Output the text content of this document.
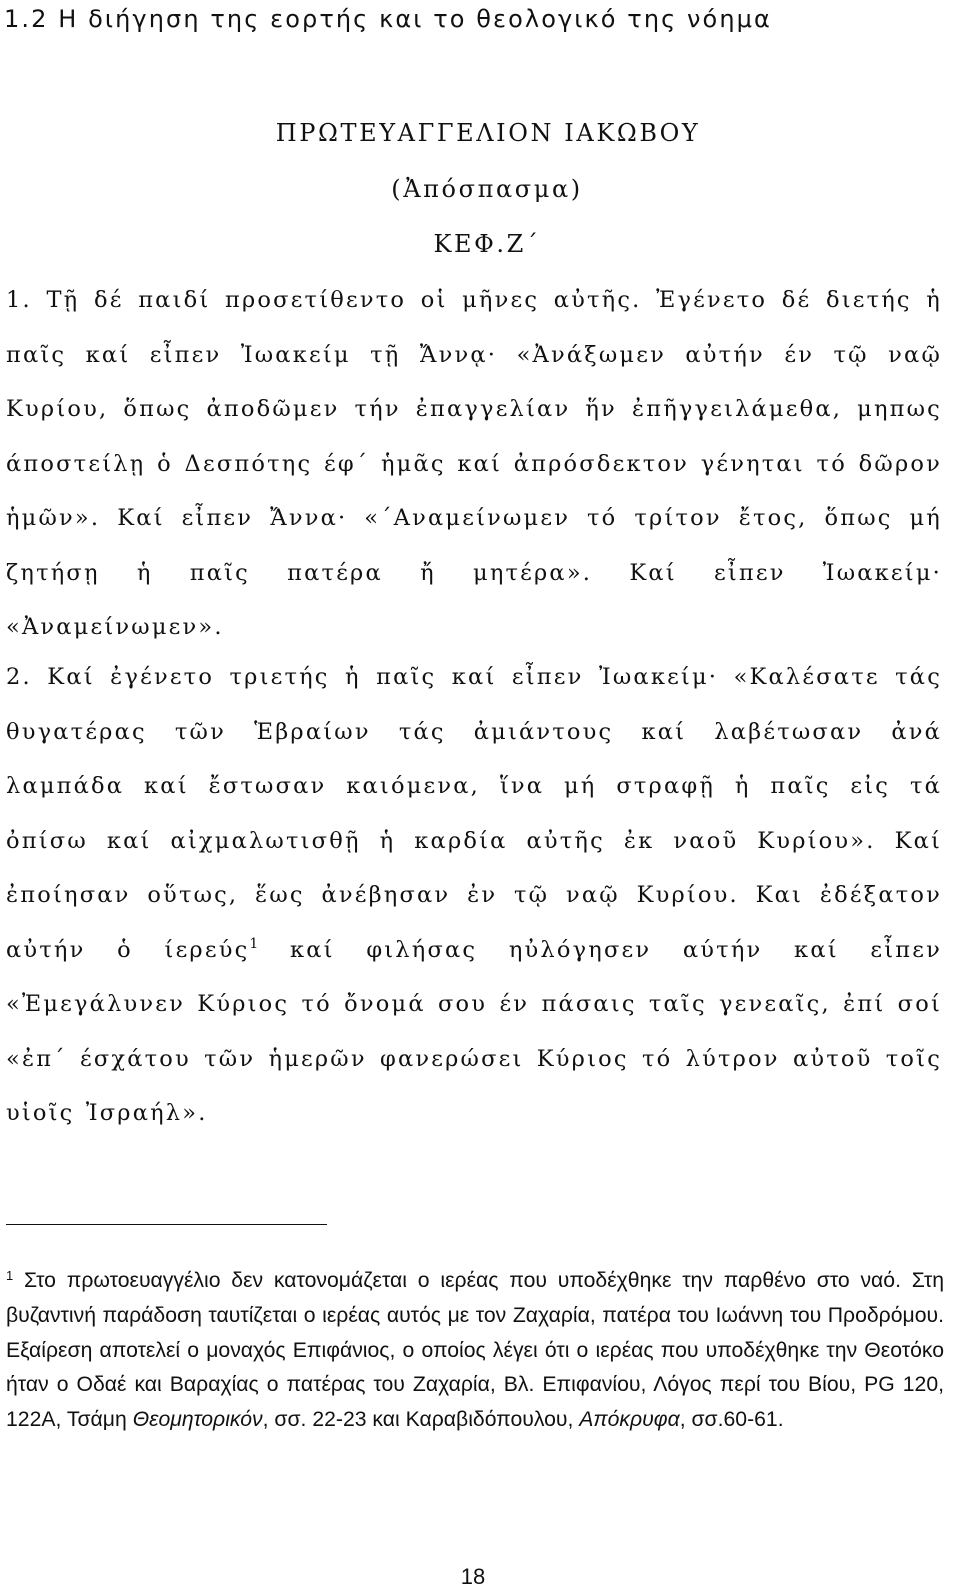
1.2 Η διήγηση της εορτής και το θεολογικό της νόημα

ΠΡΩΤΕΥΑΓΓΕΛΙΟΝ ΙΑΚΩΒΟΥ

(Ἀπόσπασμα)

ΚΕΦ.Ζ΄

1. Τῇ δέ παιδί προσετίθεντο οἱ μῆνες αὐτῆς. Ἐγένετο δέ διετής ἡ παῖς καί εἶπεν Ἰωακείμ τῇ Ἄννᾳ· «Ἀνάξωμεν αὐτήν έν τῷ ναῷ Κυρίου, ὅπως ἀποδῶμεν τήν ἐπαγγελίαν ἥν ἐπῆγγειλάμεθα, μηπως άποστείλῃ ὁ Δεσπότης έφ΄ ἡμᾶς καί ἀπρόσδεκτον γένηται τό δῶρον ἡμῶν». Καί εἶπεν Ἄννα· «΄Αναμείνωμεν τό τρίτον ἔτος, ὅπως μή ζητήσῃ ἡ παῖς πατέρα ἤ μητέρα». Καί εἶπεν Ἰωακείμ· «Ἀναμείνωμεν».

2. Καί ἐγένετο τριετής ἡ παῖς καί εἶπεν Ἰωακείμ· «Καλέσατε τάς θυγατέρας τῶν Ἑβραίων τάς ἀμιάντους καί λαβέτωσαν ἀνά λαμπάδα καί ἔστωσαν καιόμενα, ἵνα μή στραφῇ ἡ παῖς εἰς τά ὀπίσω καί αἰχμαλωτισθῇ ἡ καρδία αὐτῆς ἐκ ναοῦ Κυρίου». Καί ἐποίησαν οὕτως, ἕως ἀνέβησαν ἐν τῷ ναῷ Κυρίου. Και ἐδέξατον αὐτήν ὁ ίερεύς$^1$ καί φιλήσας ηὐλόγησεν αύτήν καί εἶπεν «Ἐμεγάλυνεν Κύριος τό ὄνομά σου έν πάσαις ταῖς γενεαῖς, ἐπί σοί «ἐπ΄ έσχάτου τῶν ἡμερῶν φανερώσει Κύριος τό λύτρον αὐτοῦ τοῖς υἱοῖς Ἰσραήλ».

$^1$ Στο πρωτοευαγγέλιο δεν κατονομάζεται ο ιερέας που υποδέχθηκε την παρθένο στο ναό. Στη βυζαντινή παράδοση ταυτίζεται ο ιερέας αυτός με τον Ζαχαρία, πατέρα του Ιωάννη του Προδρόμου. Εξαίρεση αποτελεί ο μοναχός Επιφάνιος, ο οποίος λέγει ότι ο ιερέας που υποδέχθηκε την Θεοτόκο ήταν ο Οδαέ και Βαραχίας ο πατέρας του Ζαχαρία, Βλ. Επιφανίου, Λόγος περί του Βίου, PG 120, 122Α, Τσάμη Θεομητορικόν, σσ. 22-23 και Καραβιδόπουλου, Απόκρυφα, σσ.60-61.

18
